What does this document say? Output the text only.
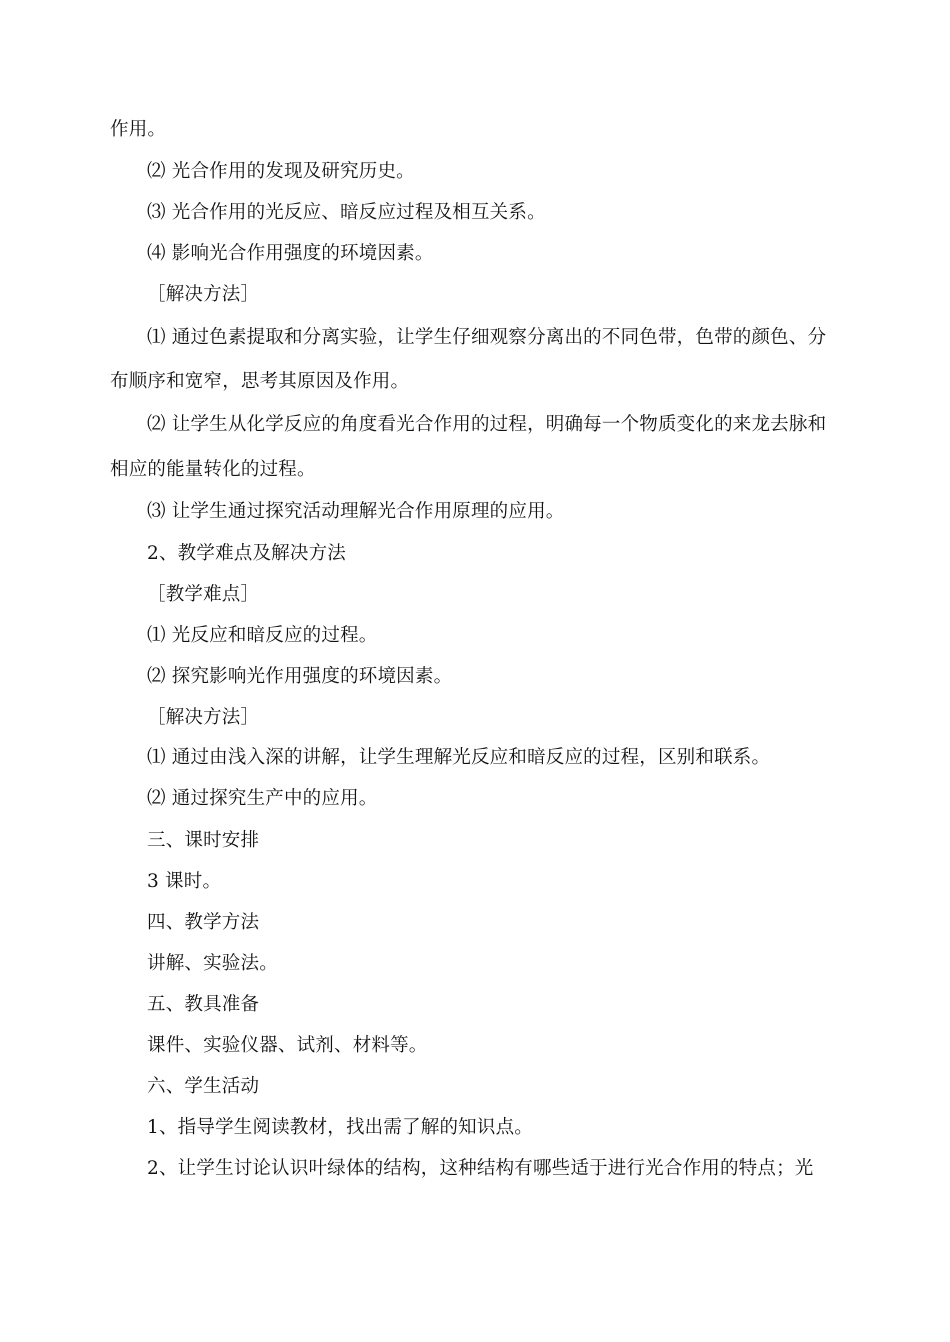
作用。
⑵ 光合作用的发现及研究历史。
⑶ 光合作用的光反应、暗反应过程及相互关系。
⑷ 影响光合作用强度的环境因素。
［解决方法］
⑴ 通过色素提取和分离实验，让学生仔细观察分离出的不同色带，色带的颜色、分
布顺序和宽窄，思考其原因及作用。
⑵ 让学生从化学反应的角度看光合作用的过程，明确每一个物质变化的来龙去脉和
相应的能量转化的过程。
⑶ 让学生通过探究活动理解光合作用原理的应用。
2、教学难点及解决方法
［教学难点］
⑴ 光反应和暗反应的过程。
⑵ 探究影响光作用强度的环境因素。
［解决方法］
⑴ 通过由浅入深的讲解，让学生理解光反应和暗反应的过程，区别和联系。
⑵ 通过探究生产中的应用。
三、课时安排
3 课时。
四、教学方法
讲解、实验法。
五、教具准备
课件、实验仪器、试剂、材料等。
六、学生活动
1、指导学生阅读教材，找出需了解的知识点。
2、让学生讨论认识叶绿体的结构，这种结构有哪些适于进行光合作用的特点；光
